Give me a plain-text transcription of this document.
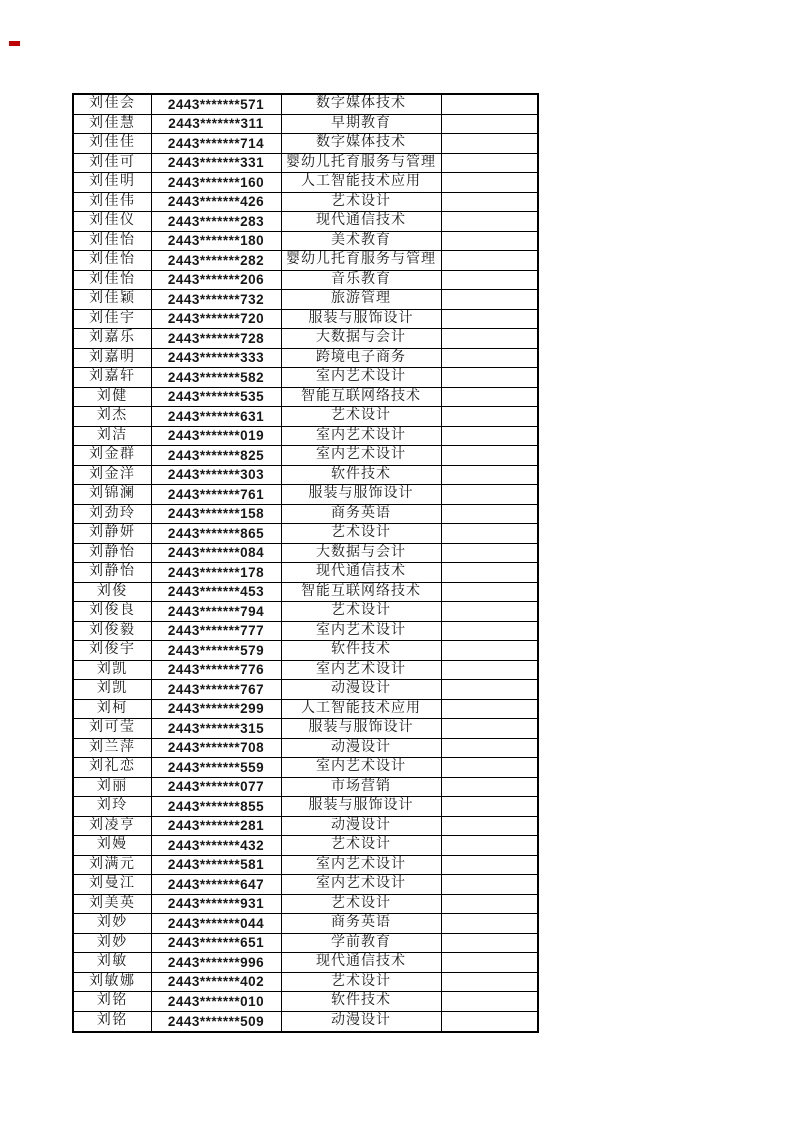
刘佳会	2443*******571	数字媒体技术	
刘佳慧	2443*******311	早期教育	
刘佳佳	2443*******714	数字媒体技术	
刘佳可	2443*******331	婴幼儿托育服务与管理	
刘佳明	2443*******160	人工智能技术应用	
刘佳伟	2443*******426	艺术设计	
刘佳仪	2443*******283	现代通信技术	
刘佳怡	2443*******180	美术教育	
刘佳怡	2443*******282	婴幼儿托育服务与管理	
刘佳怡	2443*******206	音乐教育	
刘佳颖	2443*******732	旅游管理	
刘佳宇	2443*******720	服装与服饰设计	
刘嘉乐	2443*******728	大数据与会计	
刘嘉明	2443*******333	跨境电子商务	
刘嘉轩	2443*******582	室内艺术设计	
刘健	2443*******535	智能互联网络技术	
刘杰	2443*******631	艺术设计	
刘洁	2443*******019	室内艺术设计	
刘金群	2443*******825	室内艺术设计	
刘金洋	2443*******303	软件技术	
刘锦澜	2443*******761	服装与服饰设计	
刘劲玲	2443*******158	商务英语	
刘静妍	2443*******865	艺术设计	
刘静怡	2443*******084	大数据与会计	
刘静怡	2443*******178	现代通信技术	
刘俊	2443*******453	智能互联网络技术	
刘俊良	2443*******794	艺术设计	
刘俊毅	2443*******777	室内艺术设计	
刘俊宇	2443*******579	软件技术	
刘凯	2443*******776	室内艺术设计	
刘凯	2443*******767	动漫设计	
刘柯	2443*******299	人工智能技术应用	
刘可莹	2443*******315	服装与服饰设计	
刘兰萍	2443*******708	动漫设计	
刘礼恋	2443*******559	室内艺术设计	
刘丽	2443*******077	市场营销	
刘玲	2443*******855	服装与服饰设计	
刘凌亨	2443*******281	动漫设计	
刘嫚	2443*******432	艺术设计	
刘满元	2443*******581	室内艺术设计	
刘曼江	2443*******647	室内艺术设计	
刘美英	2443*******931	艺术设计	
刘妙	2443*******044	商务英语	
刘妙	2443*******651	学前教育	
刘敏	2443*******996	现代通信技术	
刘敏娜	2443*******402	艺术设计	
刘铭	2443*******010	软件技术	
刘铭	2443*******509	动漫设计	
